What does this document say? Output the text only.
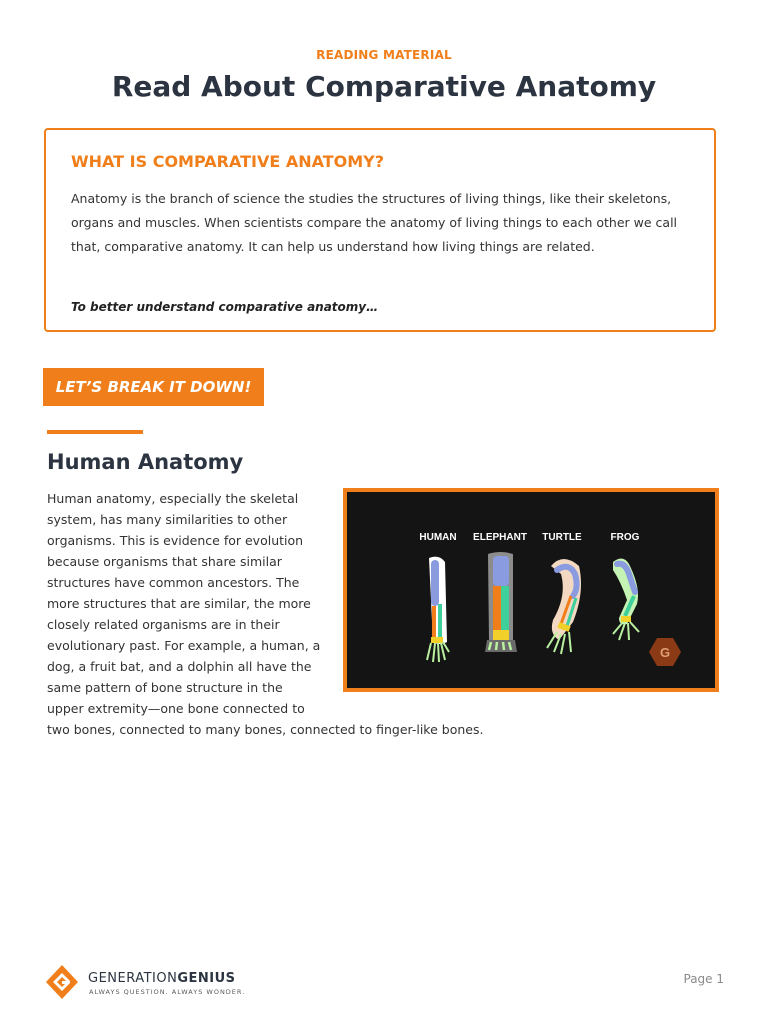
READING MATERIAL
Read About Comparative Anatomy
WHAT IS COMPARATIVE ANATOMY?

Anatomy is the branch of science the studies the structures of living things, like their skeletons, organs and muscles. When scientists compare the anatomy of living things to each other we call that, comparative anatomy. It can help us understand how living things are related.

To better understand comparative anatomy…

LET’S BREAK IT DOWN!
Human Anatomy
HUMAN ELEPHANT TURTLE	FROG
G

Human anatomy, especially the skeletal system, has many similarities to other organisms. This is evidence for evolution because organisms that share similar structures have common ancestors. The more structures that are similar, the more closely related organisms are in their evolutionary past. For example, a human, a dog, a fruit bat, and a dolphin all have the same pattern of bone structure in the upper extremity—one bone connected to two bones, connected to many bones, connected to finger-like bones.

GENERATIONGENIUS
ALWAYS QUESTION. ALWAYS WONDER.
Page 1
